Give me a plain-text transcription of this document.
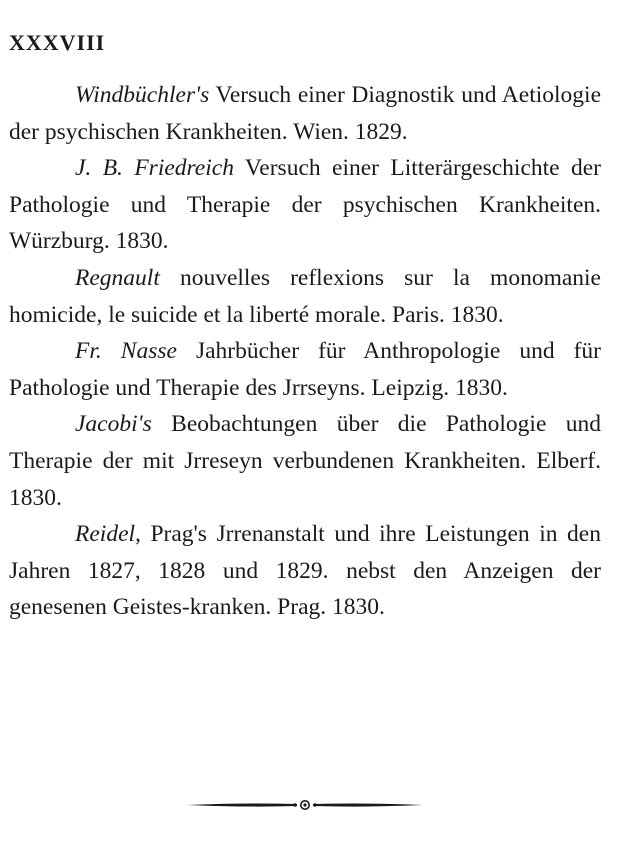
XXXVIII

Windbüchler's Versuch einer Diagnostik und Aetiologie der psychischen Krankheiten. Wien. 1829.

J. B. Friedreich Versuch einer Litterärgeschichte der Pathologie und Therapie der psychischen Krankheiten. Würzburg. 1830.

Regnault nouvelles reflexions sur la monomanie homicide, le suicide et la liberté morale. Paris. 1830.

Fr. Nasse Jahrbücher für Anthropologie und für Pathologie und Therapie des Jrrseyns. Leipzig. 1830.

Jacobi's Beobachtungen über die Pathologie und Therapie der mit Jrreseyn verbundenen Krankheiten. Elberf. 1830.

Reidel, Prag's Jrrenanstalt und ihre Leistungen in den Jahren 1827, 1828 und 1829. nebst den Anzeigen der genesenen Geistes-kranken. Prag. 1830.
